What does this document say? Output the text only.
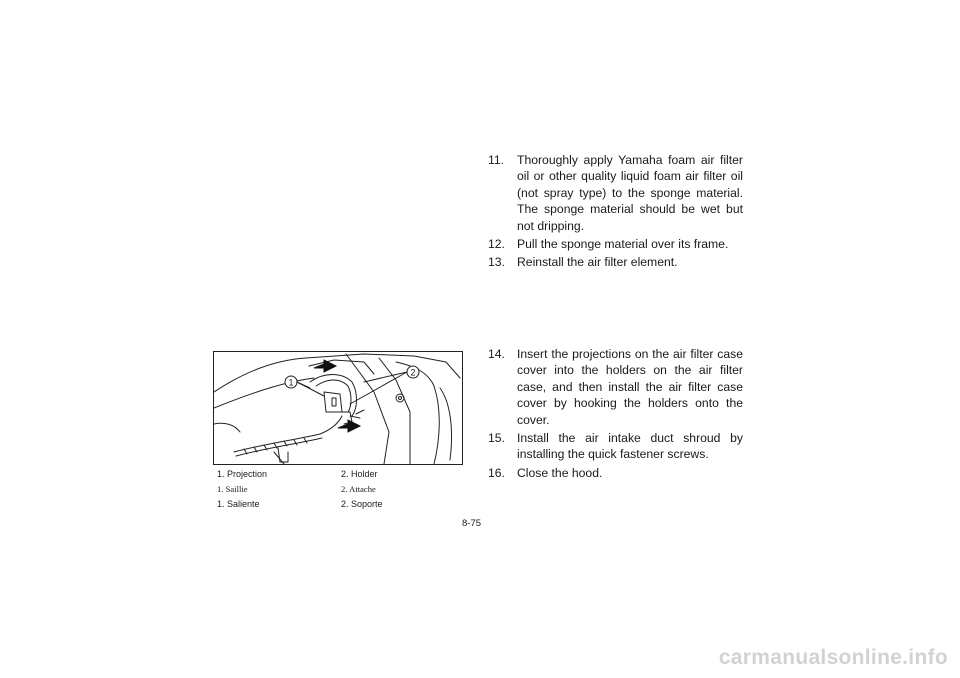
11. Thoroughly apply Yamaha foam air filter oil or other quality liquid foam air filter oil (not spray type) to the sponge material. The sponge material should be wet but not dripping.
12. Pull the sponge material over its frame.
13. Reinstall the air filter element.
14. Insert the projections on the air filter case cover into the holders on the air filter case, and then install the air filter case cover by hooking the holders onto the cover.
15. Install the air intake duct shroud by installing the quick fastener screws.
16. Close the hood.
1
2
1. Projection	2. Holder
1. Saillie	2. Attache
1. Saliente	2. Soporte
8-75
carmanualsonline.info
